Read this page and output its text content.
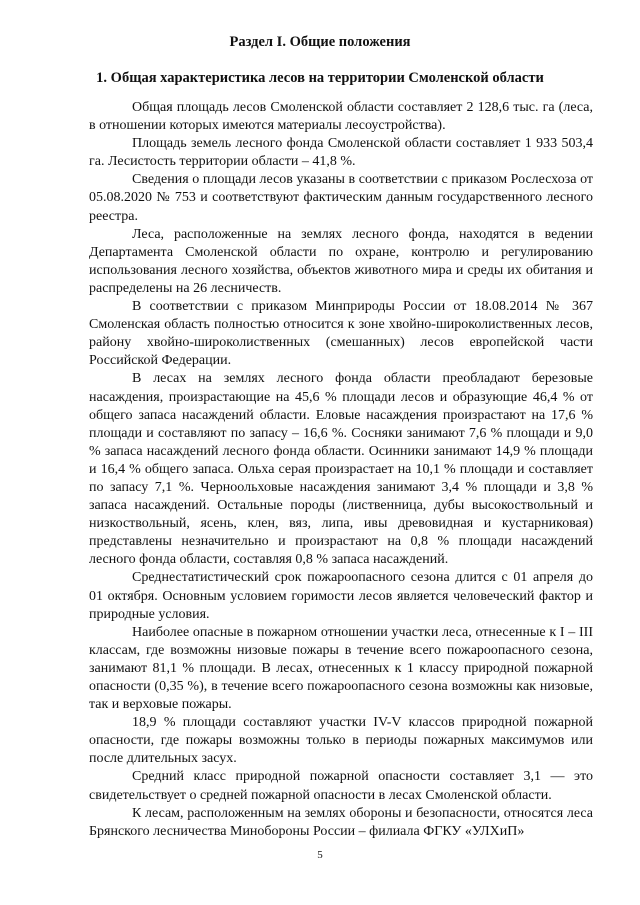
Раздел I. Общие положения
1. Общая характеристика лесов на территории Смоленской области

Общая площадь лесов Смоленской области составляет 2 128,6 тыс. га (леса, в отношении которых имеются материалы лесоустройства).

Площадь земель лесного фонда Смоленской области составляет 1 933 503,4 га. Лесистость территории области – 41,8 %.

Сведения о площади лесов указаны в соответствии с приказом Рослесхоза от 05.08.2020 № 753 и соответствуют фактическим данным государственного лесного реестра.

Леса, расположенные на землях лесного фонда, находятся в ведении Департамента Смоленской области по охране, контролю и регулированию использования лесного хозяйства, объектов животного мира и среды их обитания и распределены на 26 лесничеств.

В соответствии с приказом Минприроды России от 18.08.2014 № 367 Смоленская область полностью относится к зоне хвойно-широколиственных лесов, району хвойно-широколиственных (смешанных) лесов европейской части Российской Федерации.

В лесах на землях лесного фонда области преобладают березовые насаждения, произрастающие на 45,6 % площади лесов и образующие 46,4 % от общего запаса насаждений области. Еловые насаждения произрастают на 17,6 % площади и составляют по запасу – 16,6 %. Сосняки занимают 7,6 % площади и 9,0 % запаса насаждений лесного фонда области. Осинники занимают 14,9 % площади и 16,4 % общего запаса. Ольха серая произрастает на 10,1 % площади и составляет по запасу 7,1 %. Черноольховые насаждения занимают 3,4 % площади и 3,8 % запаса насаждений. Остальные породы (лиственница, дубы высокоствольный и низкоствольный, ясень, клен, вяз, липа, ивы древовидная и кустарниковая) представлены незначительно и произрастают на 0,8 % площади насаждений лесного фонда области, составляя 0,8 % запаса насаждений.

Среднестатистический срок пожароопасного сезона длится с 01 апреля до 01 октября. Основным условием горимости лесов является человеческий фактор и природные условия.

Наиболее опасные в пожарном отношении участки леса, отнесенные к I – III классам, где возможны низовые пожары в течение всего пожароопасного сезона, занимают 81,1 % площади. В лесах, отнесенных к 1 классу природной пожарной опасности (0,35 %), в течение всего пожароопасного сезона возможны как низовые, так и верховые пожары.

18,9 % площади составляют участки IV-V классов природной пожарной опасности, где пожары возможны только в периоды пожарных максимумов или после длительных засух.

Средний класс природной пожарной опасности составляет 3,1 — это свидетельствует о средней пожарной опасности в лесах Смоленской области.

К лесам, расположенным на землях обороны и безопасности, относятся леса Брянского лесничества Минобороны России – филиала ФГКУ «УЛХиП»

5
